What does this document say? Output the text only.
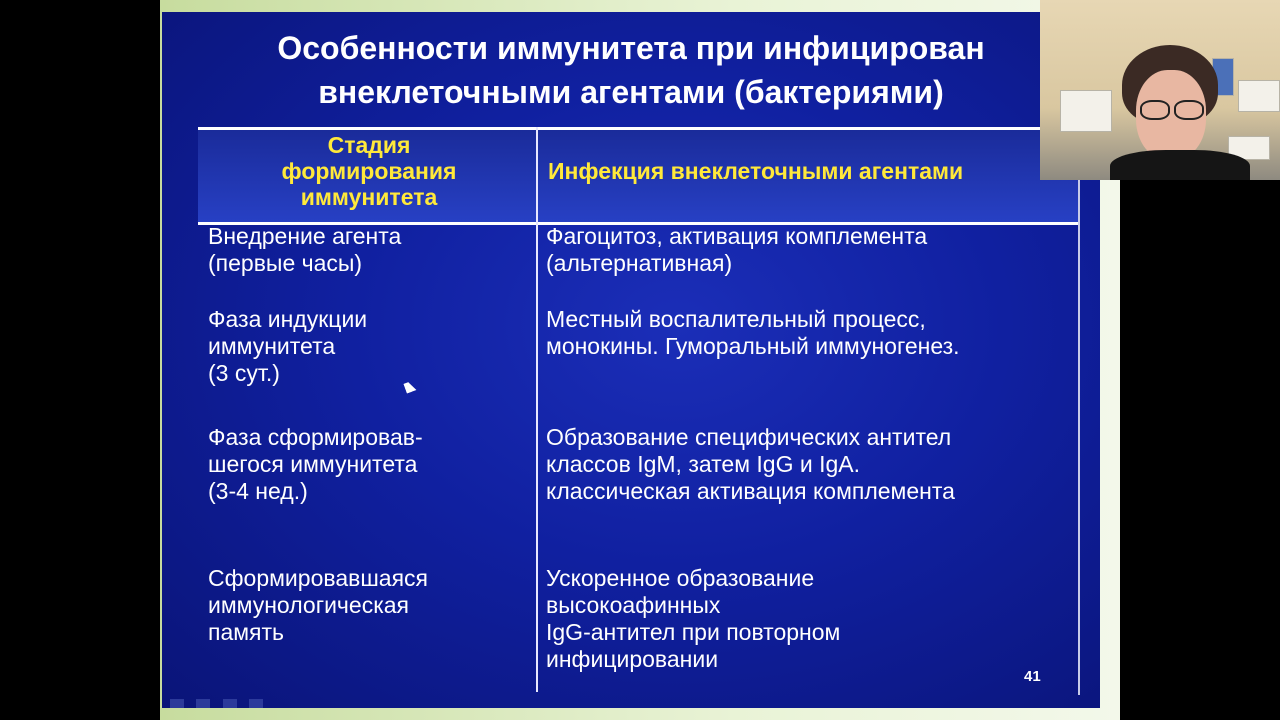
Особенности иммунитета при инфицирован
внеклеточными агентами (бактериями)
Стадия
формирования
иммунитета
Инфекция внеклеточными агентами
Внедрение агента
(первые часы)
Фагоцитоз, активация комплемента
(альтернативная)
Фаза индукции
иммунитета
(3 сут.)
Местный воспалительный процесс,
монокины. Гуморальный иммуногенез.
Фаза сформировав-
шегося иммунитета
(3-4 нед.)
Образование специфических антител
классов IgM, затем IgG и IgA.
классическая активация комплемента
Сформировавшаяся
иммунологическая
память
Ускоренное образование
высокоафинных
IgG-антител при повторном
инфицировании
41
